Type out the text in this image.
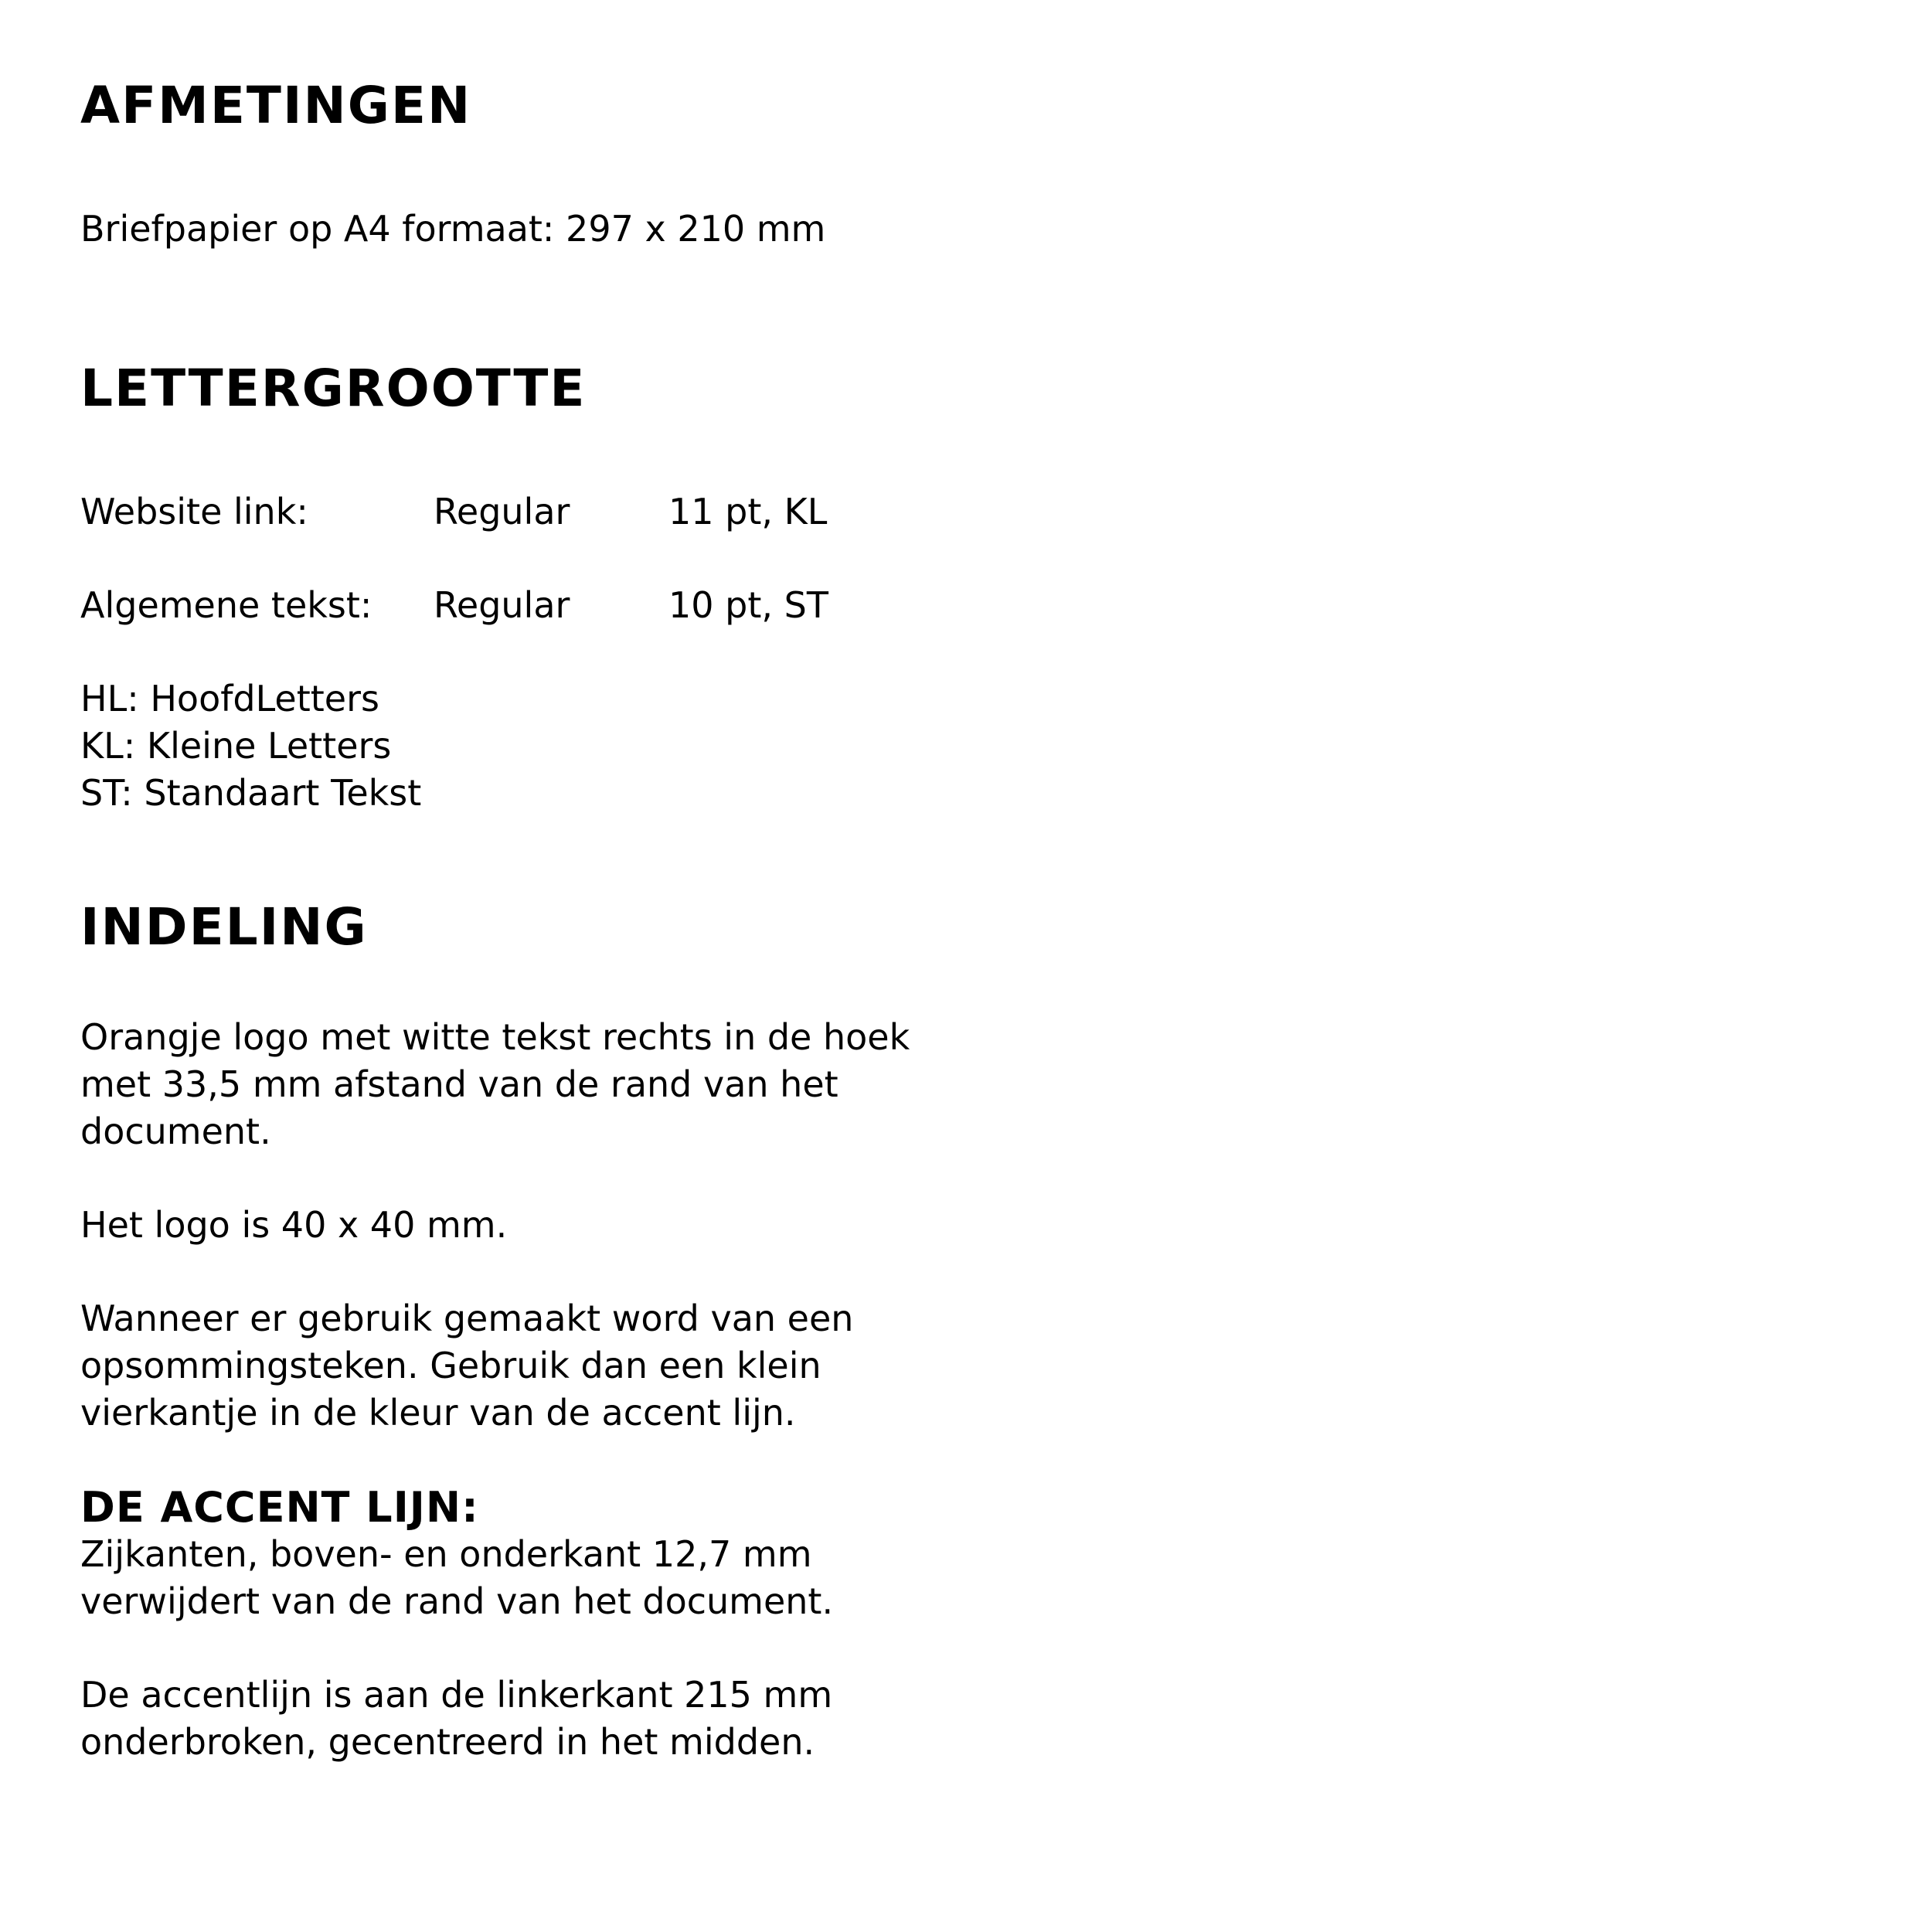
AFMETINGEN

Briefpapier op A4 formaat: 297 x 210 mm

LETTERGROOTTE
Website link:	Regular	11 pt, KL
Algemene tekst: Regular	10 pt, ST
HL: HoofdLetters
KL: Kleine Letters
ST: Standaart Tekst
INDELING
Orangje logo met witte tekst rechts in de hoek
met 33,5 mm afstand van de rand van het
document.

Het logo is 40 x 40 mm.

Wanneer er gebruik gemaakt word van een
opsommingsteken. Gebruik dan een klein
vierkantje in de kleur van de accent lijn.

DE ACCENT LIJN:

Zijkanten, boven- en onderkant 12,7 mm
verwijdert van de rand van het document.
De accentlijn is aan de linkerkant 215 mm
onderbroken, gecentreerd in het midden.
